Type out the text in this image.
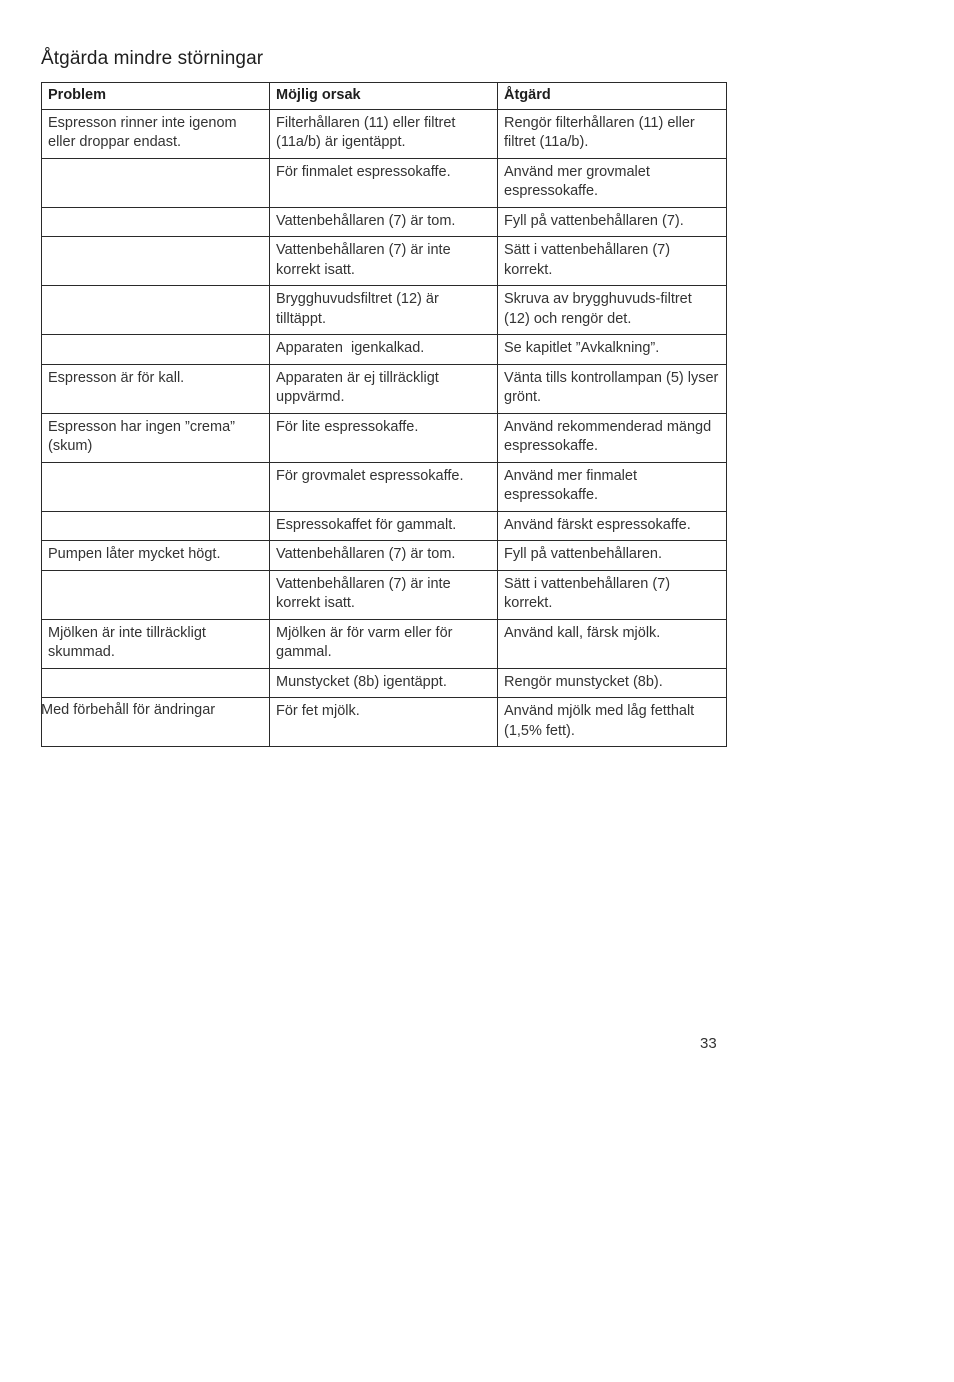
Åtgärda mindre störningar
Problem	Möjlig orsak	Åtgärd
Espresson rinner inte igenom eller droppar endast.	Filterhållaren (11) eller filtret (11a/b) är igentäppt.	Rengör filterhållaren (11) eller filtret (11a/b).
	För finmalet espressokaffe.	Använd mer grovmalet espressokaffe.
	Vattenbehållaren (7) är tom.	Fyll på vattenbehållaren (7).
	Vattenbehållaren (7) är inte korrekt isatt.	Sätt i vattenbehållaren (7) korrekt.
	Brygghuvudsfiltret (12) är tilltäppt.	Skruva av brygghuvuds-filtret (12) och rengör det.
	Apparaten  igenkalkad.	Se kapitlet ”Avkalkning”.
Espresson är för kall.	Apparaten är ej tillräckligt uppvärmd.	Vänta tills kontrollampan (5) lyser grönt.
Espresson har ingen ”crema” (skum)	För lite espressokaffe.	Använd rekommenderad mängd espressokaffe.
	För grovmalet espressokaffe.	Använd mer finmalet espressokaffe.
	Espressokaffet för gammalt.	Använd färskt espressokaffe.
Pumpen låter mycket högt.	Vattenbehållaren (7) är tom.	Fyll på vattenbehållaren.
	Vattenbehållaren (7) är inte korrekt isatt.	Sätt i vattenbehållaren (7) korrekt.
Mjölken är inte tillräckligt skummad.	Mjölken är för varm eller för gammal.	Använd kall, färsk mjölk.
	Munstycket (8b) igentäppt.	Rengör munstycket (8b).
	För fet mjölk.	Använd mjölk med låg fetthalt (1,5% fett).
Med förbehåll för ändringar
33
